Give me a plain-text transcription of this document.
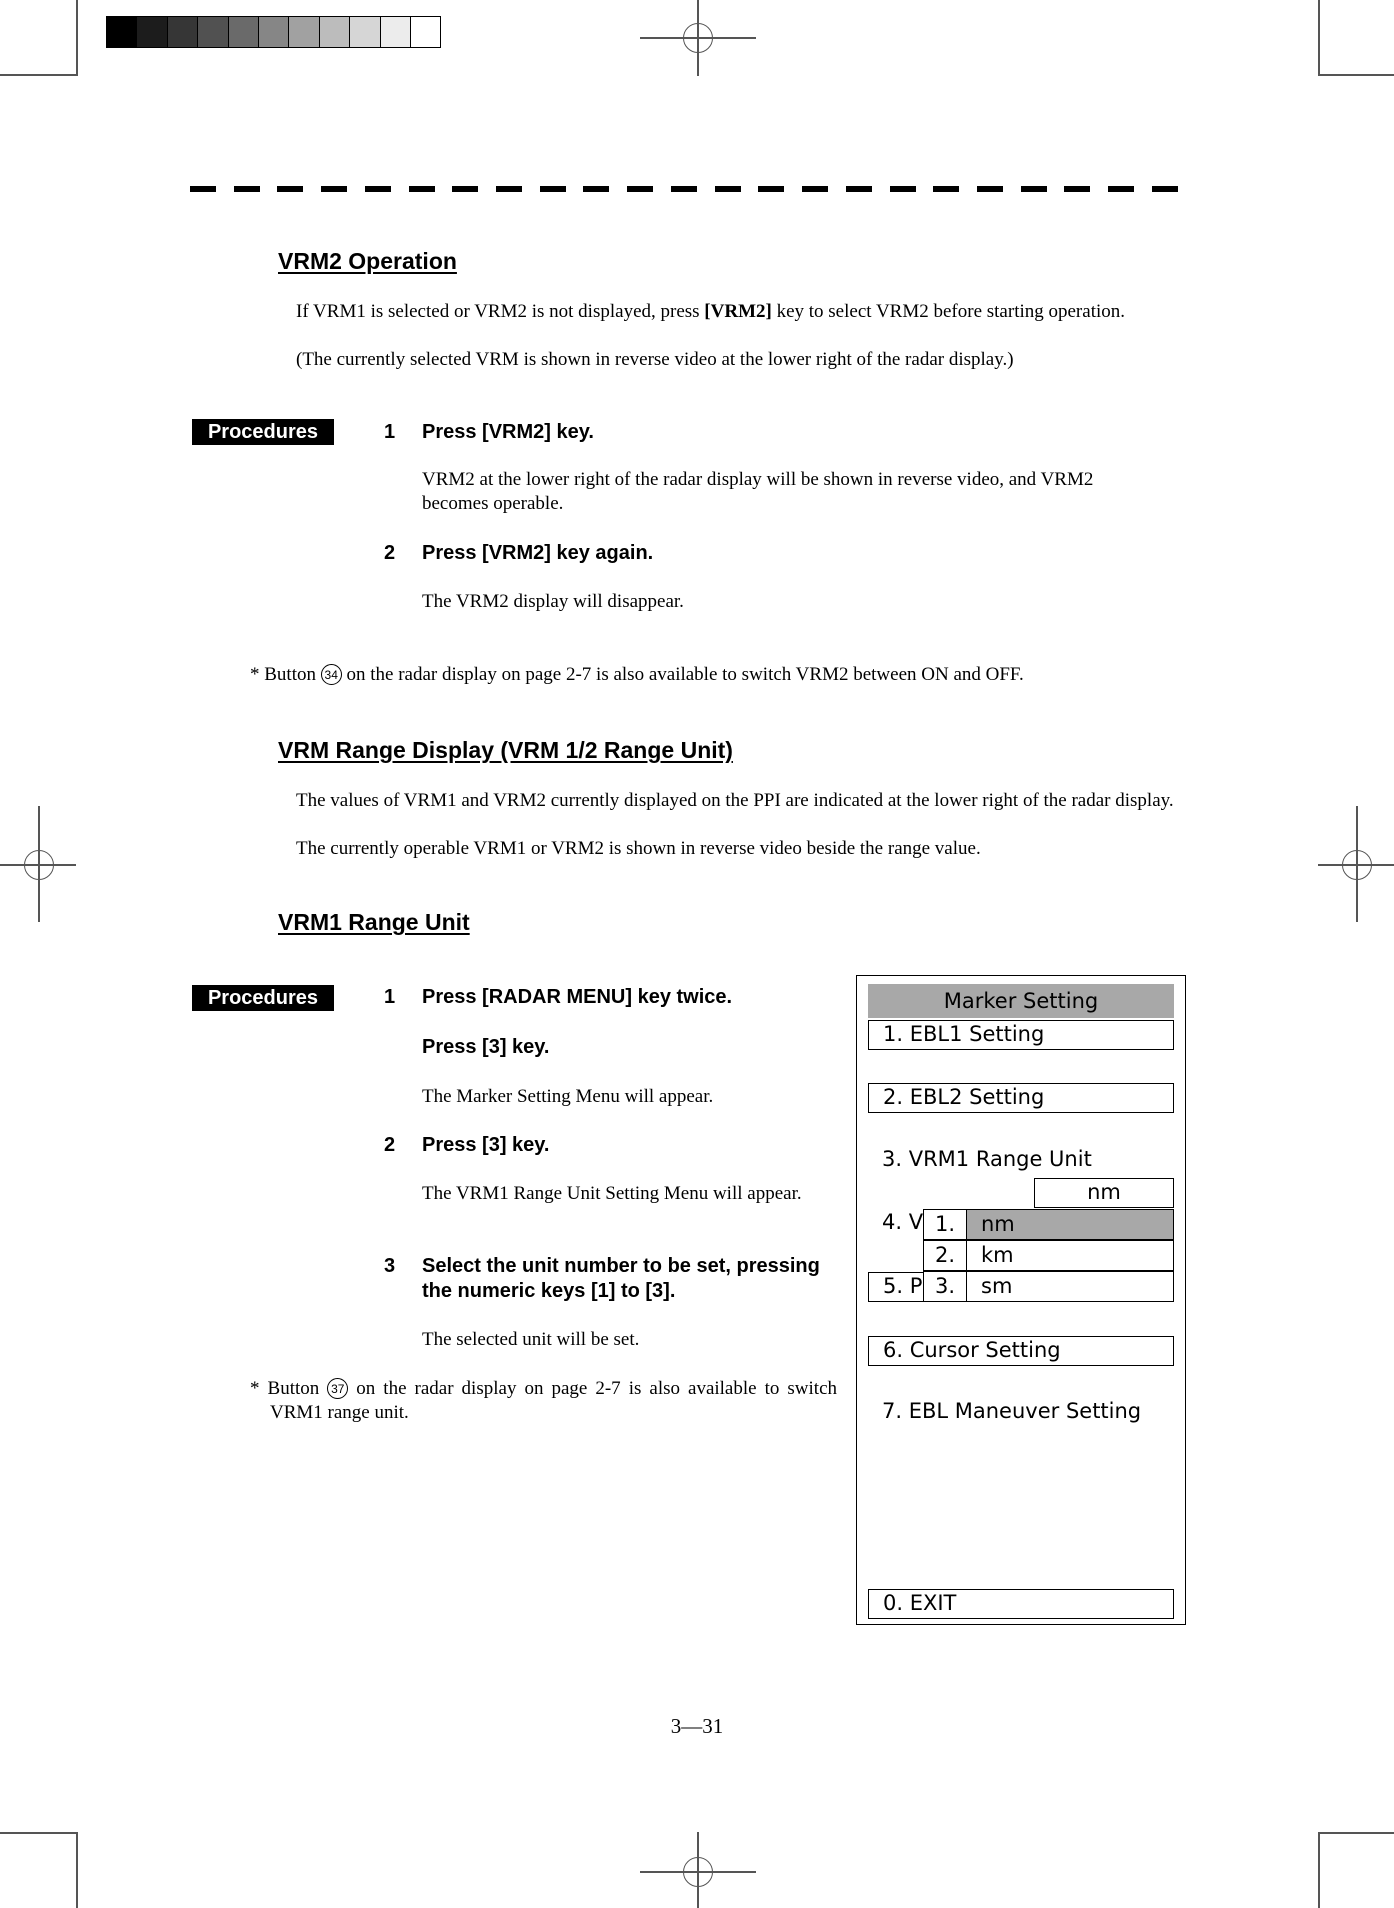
VRM2 Operation
If VRM1 is selected or VRM2 is not displayed, press [VRM2] key to select VRM2 before starting operation.
(The currently selected VRM is shown in reverse video at the lower right of the radar display.)
Procedures	1	Press [VRM2] key.
VRM2 at the lower right of the radar display will be shown in reverse video, and VRM2 becomes operable.
2	Press [VRM2] key again.
The VRM2 display will disappear.
* Button 34 on the radar display on page 2-7 is also available to switch VRM2 between ON and OFF.
VRM Range Display (VRM 1/2 Range Unit)
The values of VRM1 and VRM2 currently displayed on the PPI are indicated at the lower right of the radar display.
The currently operable VRM1 or VRM2 is shown in reverse video beside the range value.
VRM1 Range Unit
Procedures	1	Press [RADAR MENU] key twice.
Press [3] key.
The Marker Setting Menu will appear.
2	Press [3] key.
The VRM1 Range Unit Setting Menu will appear.
3	Select the unit number to be set, pressing the numeric keys [1] to [3].
The selected unit will be set.
* Button 37 on the radar display on page 2-7 is also available to switch VRM1 range unit.
Marker Setting
1. EBL1 Setting
2. EBL2 Setting
3. VRM1 Range Unit
nm
4. V
5. P
1.	nm
2.	km
3.	sm
6. Cursor Setting
7. EBL Maneuver Setting
0. EXIT
3—31
